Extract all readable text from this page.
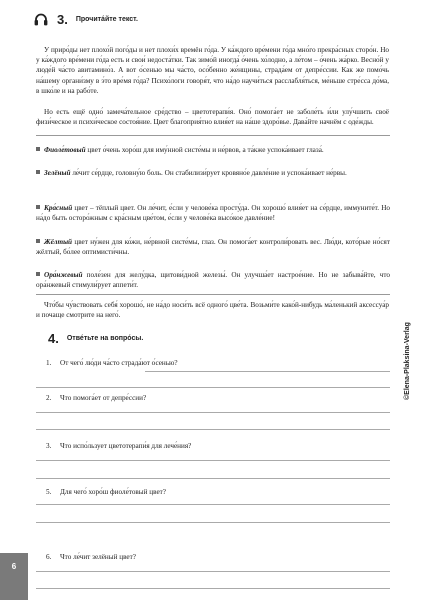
3. Прочита́йте текст.

У приро́ды нет плохо́й пого́ды и нет плохи́х времён го́да. У ка́ждого вре́мени го́да мно́го прекра́сных сторо́н. Но у ка́ждого вре́мени го́да есть и свои́ недоста́тки. Так зимо́й иногда́ о́чень хо́лодно, а ле́том – о́чень жа́рко. Весно́й у люде́й ча́сто авитамино́з. А вот о́сенью мы ча́сто, осо́бенно же́нщины, страда́ем от депре́ссии. Как же помо́чь на́шему органи́зму в э́то вре́мя го́да? Психо́логи говоря́т, что на́до научи́ться расслабля́ться, ме́ньше стре́сса до́ма, в шко́ле и на рабо́те.

Но есть ещё одно́ замеча́тельное сре́дство – цветотерапи́я. Оно́ помога́ет не заболе́ть и́ли улу́чшить своё физи́ческое и психи́ческое состоя́ние. Цвет благоприя́тно влия́ет на на́ше здоро́вье. Дава́йте начнём с оде́жды.

Фиоле́товый цвет о́чень хоро́ш для иму́нной систе́мы и не́рвов, а та́кже успока́ивает глаза́.

Зелёный ле́чит се́рдце, головну́ю боль. Он стабилизи́рует кровяно́е давле́ние и успока́ивает не́рвы.

Кра́сный цвет – тёплый цвет. Он ле́чит, е́сли у челове́ка просту́да. Он хорошо́ влия́ет на се́рдце, иммуните́т. Но на́до быть осторо́жным с кра́сным цве́том, е́сли у челове́ка высо́кое давле́ние!

Жёлтый цвет ну́жен для ко́жи, не́рвной систе́мы, глаз. Он помога́ет контроли́ровать вес. Лю́ди, кото́рые но́сят жёлтый, бо́лее оптимисти́чны.

Ора́нжевый поле́зен для желу́дка, щитови́дной железы́. Он улучша́ет настрое́ние. Но не забыва́йте, что ора́нжевый стимули́рует аппети́т.

Что́бы чу́вствовать себя́ хорошо́, не на́до носи́ть всё одного́ цве́та. Возьми́те како́й-нибудь ма́ленький аксессуа́р и почаще смотрите на него́.

4. Отве́тьте на вопро́сы.
1. От чего́ лю́ди ча́сто страда́ют о́сенью?
2. Что помога́ет от депре́ссии?
3. Что испо́льзует цветотерапи́я для лече́ния?
5. Для чего́ хоро́ш фиоле́товый цвет?
6. Что ле́чит зелёный цвет?
©Elena-Plaksina-Verlag
6
